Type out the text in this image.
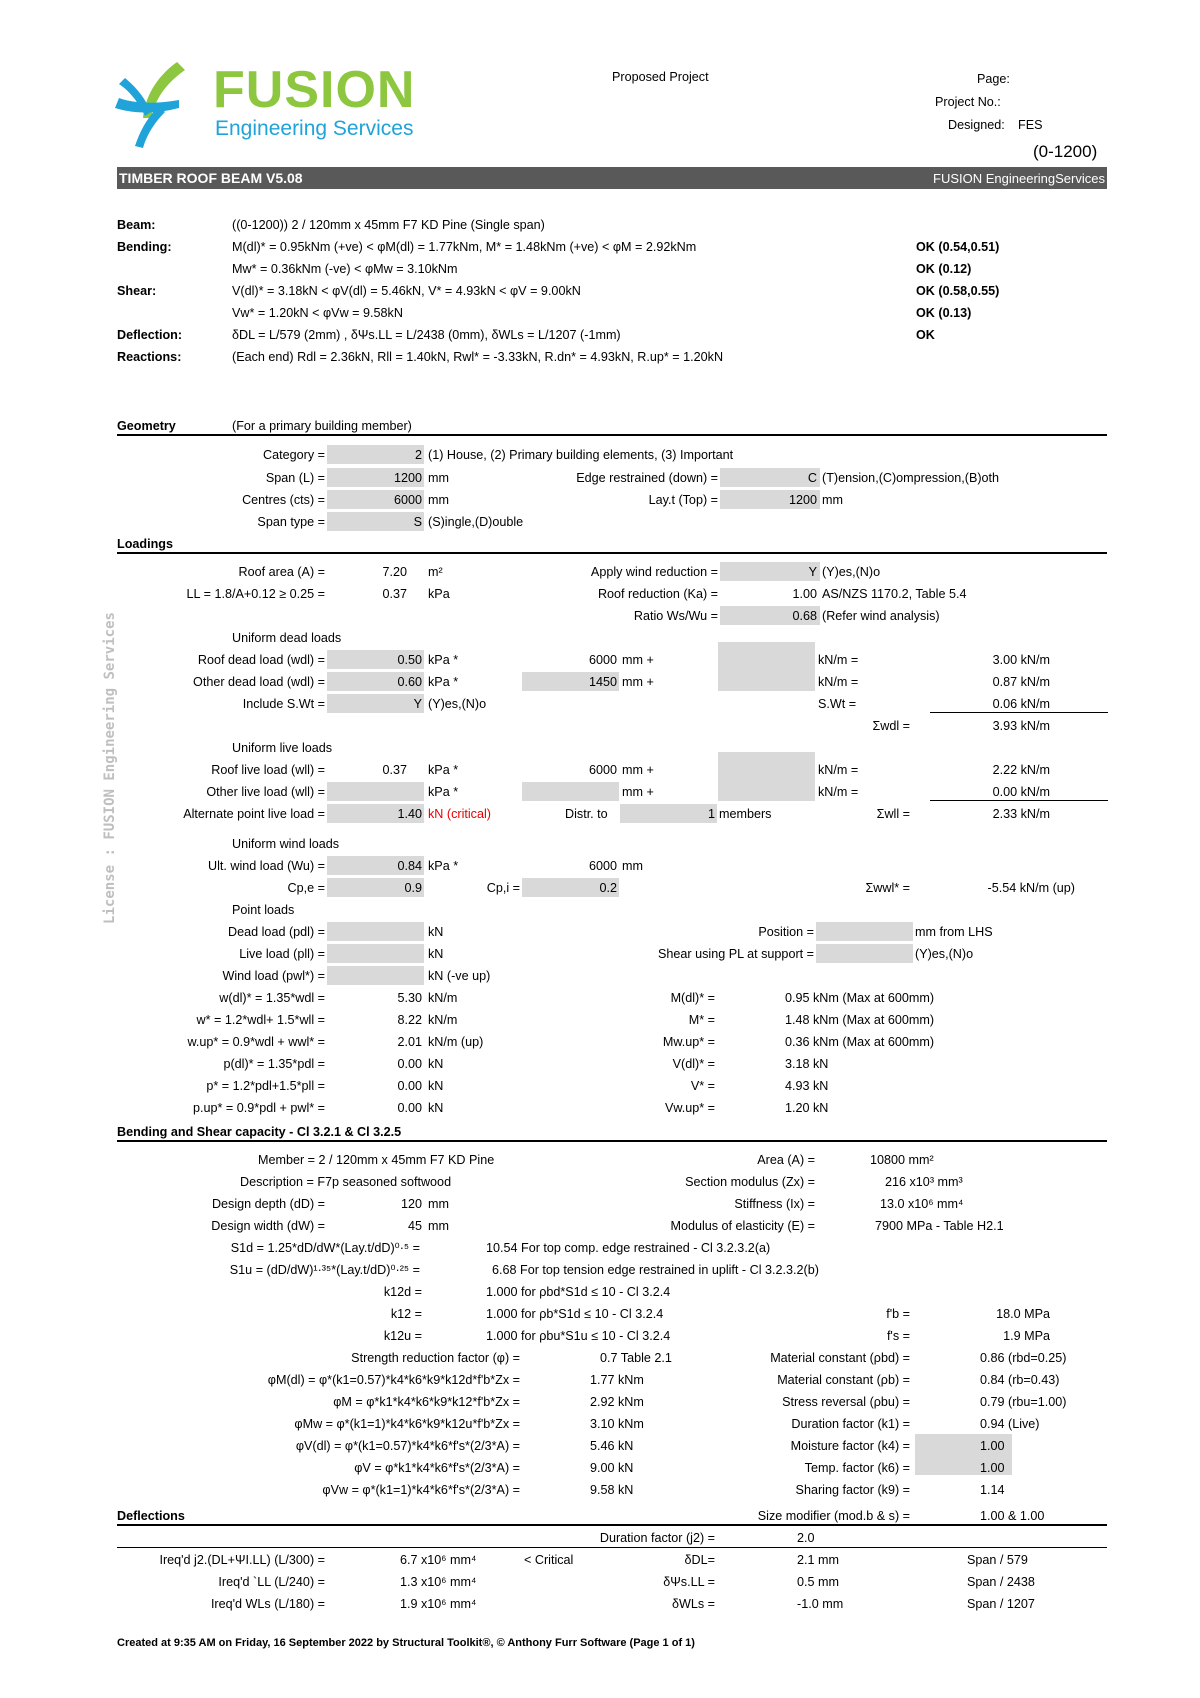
FUSION
Engineering Services
Proposed Project	Page:
Project No.:
Designed: FES
(0-1200)
TIMBER ROOF BEAM V5.08	FUSION EngineeringServices
License : FUSION Engineering Services
Beam:	((0-1200)) 2 / 120mm x 45mm F7 KD Pine (Single span)
Bending:	M(dl)* = 0.95kNm (+ve) < φM(dl) = 1.77kNm, M* = 1.48kNm (+ve) < φM = 2.92kNm	OK (0.54,0.51)
Mw* = 0.36kNm (-ve) < φMw = 3.10kNm	OK (0.12)
Shear:	V(dl)* = 3.18kN < φV(dl) = 5.46kN, V* = 4.93kN < φV = 9.00kN	OK (0.58,0.55)
Vw* = 1.20kN < φVw = 9.58kN	OK (0.13)
Deflection:	δDL = L/579 (2mm) , δΨs.LL = L/2438 (0mm), δWLs = L/1207 (-1mm)	OK
Reactions:	(Each end) Rdl = 2.36kN, Rll = 1.40kN, Rwl* = -3.33kN, R.dn* = 4.93kN, R.up* = 1.20kN
Geometry	(For a primary building member)
Category =	2 (1) House, (2) Primary building elements, (3) Important
Span (L) =	1200 mm	Edge restrained (down) =	C (T)ension,(C)ompression,(B)oth
Centres (cts) =	6000 mm	Lay.t (Top) =	1200 mm
Span type =	S (S)ingle,(D)ouble
Loadings
Roof area (A) =	7.20 m²	Apply wind reduction =	Y (Y)es,(N)o
LL = 1.8/A+0.12 ≥ 0.25 =	0.37 kPa	Roof reduction (Ka) =	1.00 AS/NZS 1170.2, Table 5.4
Ratio Ws/Wu =	0.68 (Refer wind analysis)
Uniform dead loads
Roof dead load (wdl) =	0.50 kPa *	6000 mm +	kN/m =	3.00 kN/m
Other dead load (wdl) =	0.60 kPa *	1450 mm +	kN/m =	0.87 kN/m
Include S.Wt =	Y (Y)es,(N)o	S.Wt =	0.06 kN/m
Σwdl =	3.93 kN/m
Uniform live loads
Roof live load (wll) =	0.37 kPa *	6000 mm +	kN/m =	2.22 kN/m
Other live load (wll) =	kPa *	mm +	kN/m =	0.00 kN/m
Alternate point live load =	1.40 kN (critical)	Distr. to	1 members	Σwll =	2.33 kN/m
Uniform wind loads
Ult. wind load (Wu) =	0.84 kPa *	6000 mm
Cp,e =	0.9	Cp,i =	0.2	Σwwl* =	-5.54 kN/m (up)
Point loads
Dead load (pdl) =	kN	Position =	mm from LHS
Live load (pll) =	kN	Shear using PL at support =	(Y)es,(N)o
Wind load (pwl*) =	kN (-ve up)
w(dl)* = 1.35*wdl =	5.30 kN/m	M(dl)* =	0.95 kNm (Max at 600mm)
w* = 1.2*wdl+ 1.5*wll =	8.22 kN/m	M* =	1.48 kNm (Max at 600mm)
w.up* = 0.9*wdl + wwl* =	2.01 kN/m (up)	Mw.up* =	0.36 kNm (Max at 600mm)
p(dl)* = 1.35*pdl =	0.00 kN	V(dl)* =	3.18 kN
p* = 1.2*pdl+1.5*pll =	0.00 kN	V* =	4.93 kN
p.up* = 0.9*pdl + pwl* =	0.00 kN	Vw.up* =	1.20 kN
Bending and Shear capacity - Cl 3.2.1 & Cl 3.2.5
Member = 2 / 120mm x 45mm F7 KD Pine	Area (A) =	10800 mm²
Description = F7p seasoned softwood	Section modulus (Zx) =	216 x10³ mm³
Design depth (dD) =	120 mm	Stiffness (Ix) =	13.0 x10⁶ mm⁴
Design width (dW) =	45 mm	Modulus of elasticity (E) =	7900 MPa - Table H2.1
S1d = 1.25*dD/dW*(Lay.t/dD)⁰·⁵ =	10.54 For top comp. edge restrained - Cl 3.2.3.2(a)
S1u = (dD/dW)¹·³⁵*(Lay.t/dD)⁰·²⁵ =	6.68 For top tension edge restrained in uplift - Cl 3.2.3.2(b)
k12d =	1.000 for ρbd*S1d ≤ 10 - Cl 3.2.4
k12 =	1.000 for ρb*S1d ≤ 10 - Cl 3.2.4	f'b =	18.0 MPa
k12u =	1.000 for ρbu*S1u ≤ 10 - Cl 3.2.4	f's =	1.9 MPa
Strength reduction factor (φ) =	0.7 Table 2.1	Material constant (ρbd) =	0.86 (rbd=0.25)
φM(dl) = φ*(k1=0.57)*k4*k6*k9*k12d*f'b*Zx =	1.77 kNm	Material constant (ρb) =	0.84 (rb=0.43)
φM = φ*k1*k4*k6*k9*k12*f'b*Zx =	2.92 kNm	Stress reversal (ρbu) =	0.79 (rbu=1.00)
φMw = φ*(k1=1)*k4*k6*k9*k12u*f'b*Zx =	3.10 kNm	Duration factor (k1) =	0.94 (Live)
φV(dl) = φ*(k1=0.57)*k4*k6*f's*(2/3*A) =	5.46 kN	Moisture factor (k4) =	1.00
φV = φ*k1*k4*k6*f's*(2/3*A) =	9.00 kN	Temp. factor (k6) =	1.00
φVw = φ*(k1=1)*k4*k6*f's*(2/3*A) =	9.58 kN	Sharing factor (k9) =	1.14
Size modifier (mod.b & s) =	1.00 & 1.00
Deflections
Duration factor (j2) =	2.0
Ireq'd j2.(DL+ΨI.LL) (L/300) =	6.7 x10⁶ mm⁴	< Critical	δDL=	2.1 mm	Span / 579
Ireq'd `LL (L/240) =	1.3 x10⁶ mm⁴	δΨs.LL =	0.5 mm	Span / 2438
Ireq'd WLs (L/180) =	1.9 x10⁶ mm⁴	δWLs =	-1.0 mm	Span / 1207
Created at 9:35 AM on Friday, 16 September 2022 by Structural Toolkit®, © Anthony Furr Software (Page 1 of 1)
